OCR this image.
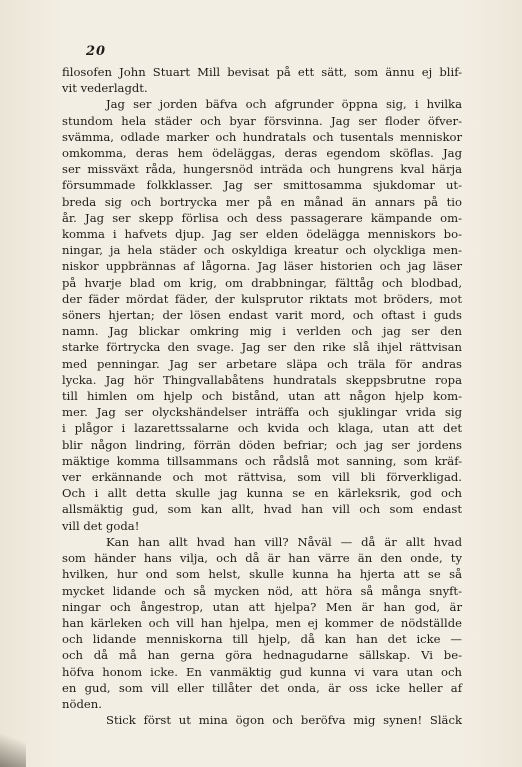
20
filosofen John Stuart Mill bevisat på ett sätt, som ännu ej blif-
vit vederlagdt.
Jag ser jorden bäfva och afgrunder öppna sig, i hvilka
stundom hela städer och byar försvinna. Jag ser floder öfver-
svämma, odlade marker och hundratals och tusentals menniskor
omkomma, deras hem ödeläggas, deras egendom sköflas. Jag
ser missväxt råda, hungersnöd inträda och hungrens kval härja
försummade folkklasser. Jag ser smittosamma sjukdomar ut-
breda sig och bortrycka mer på en månad än annars på tio
år. Jag ser skepp förlisa och dess passagerare kämpande om-
komma i hafvets djup. Jag ser elden ödelägga menniskors bo-
ningar, ja hela städer och oskyldiga kreatur och olyckliga men-
niskor uppbrännas af lågorna. Jag läser historien och jag läser
på hvarje blad om krig, om drabbningar, fälttåg och blodbad,
der fäder mördat fäder, der kulsprutor riktats mot bröders, mot
söners hjertan; der lösen endast varit mord, och oftast i guds
namn. Jag blickar omkring mig i verlden och jag ser den
starke förtrycka den svage. Jag ser den rike slå ihjel rättvisan
med penningar. Jag ser arbetare släpa och träla för andras
lycka. Jag hör Thingvallabåtens hundratals skeppsbrutne ropa
till himlen om hjelp och bistånd, utan att någon hjelp kom-
mer. Jag ser olyckshändelser inträffa och sjuklingar vrida sig
i plågor i lazarettssalarne och kvida och klaga, utan att det
blir någon lindring, förrän döden befriar; och jag ser jordens
mäktige komma tillsammans och rådslå mot sanning, som kräf-
ver erkännande och mot rättvisa, som vill bli förverkligad.
Och i allt detta skulle jag kunna se en kärleksrik, god och
allsmäktig gud, som kan allt, hvad han vill och som endast
vill det goda!
Kan han allt hvad han vill? Nåväl — då är allt hvad
som händer hans vilja, och då är han värre än den onde, ty
hvilken, hur ond som helst, skulle kunna ha hjerta att se så
mycket lidande och så mycken nöd, att höra så många snyft-
ningar och ångestrop, utan att hjelpa? Men är han god, är
han kärleken och vill han hjelpa, men ej kommer de nödställde
och lidande menniskorna till hjelp, då kan han det icke —
och då må han gerna göra hednagudarne sällskap. Vi be-
höfva honom icke. En vanmäktig gud kunna vi vara utan och
en gud, som vill eller tillåter det onda, är oss icke heller af
nöden.
Stick först ut mina ögon och beröfva mig synen! Släck
